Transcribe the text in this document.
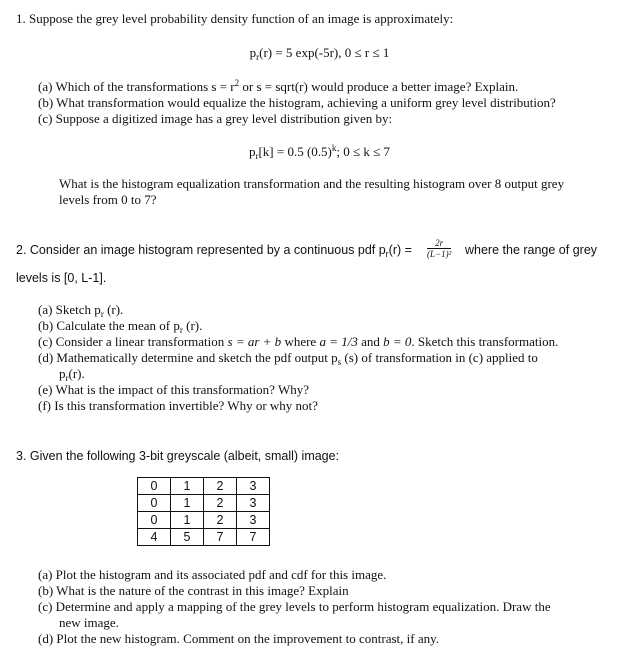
1. Suppose the grey level probability density function of an image is approximately:
$p_r(r) = 5$ exp(-5r), 0 ≤ r ≤ 1
(a) Which of the transformations $s = r^2$ or s = sqrt(r) would produce a better image? Explain.
(b) What transformation would equalize the histogram, achieving a uniform grey level distribution?
(c) Suppose a digitized image has a grey level distribution given by:
$p_r[k] = 0.5$ $(0.5)^k$; 0 ≤ k ≤ 7
What is the histogram equalization transformation and the resulting histogram over 8 output grey
levels from 0 to 7?
2. Consider an image histogram represented by a continuous pdf $p_r(r) = \frac{2r}{\text{(L−1)²}}$ where the range of grey
levels is [0, L-1].
(a) Sketch $p_r$ (r).
(b) Calculate the mean of $p_r$ (r).
(c) Consider a linear transformation s = ar + b where a = 1/3 and b = 0. Sketch this transformation.
(d) Mathematically determine and sketch the pdf output $p_s$ (s) of transformation in (c) applied to
$p_r(r)$.
(e) What is the impact of this transformation? Why?
(f) Is this transformation invertible? Why or why not?
3. Given the following 3-bit greyscale (albeit, small) image:
0	1	2	3
0	1	2	3
0	1	2	3
4	5	7	7
(a) Plot the histogram and its associated pdf and cdf for this image.
(b) What is the nature of the contrast in this image? Explain
(c) Determine and apply a mapping of the grey levels to perform histogram equalization. Draw the
new image.
(d) Plot the new histogram. Comment on the improvement to contrast, if any.
